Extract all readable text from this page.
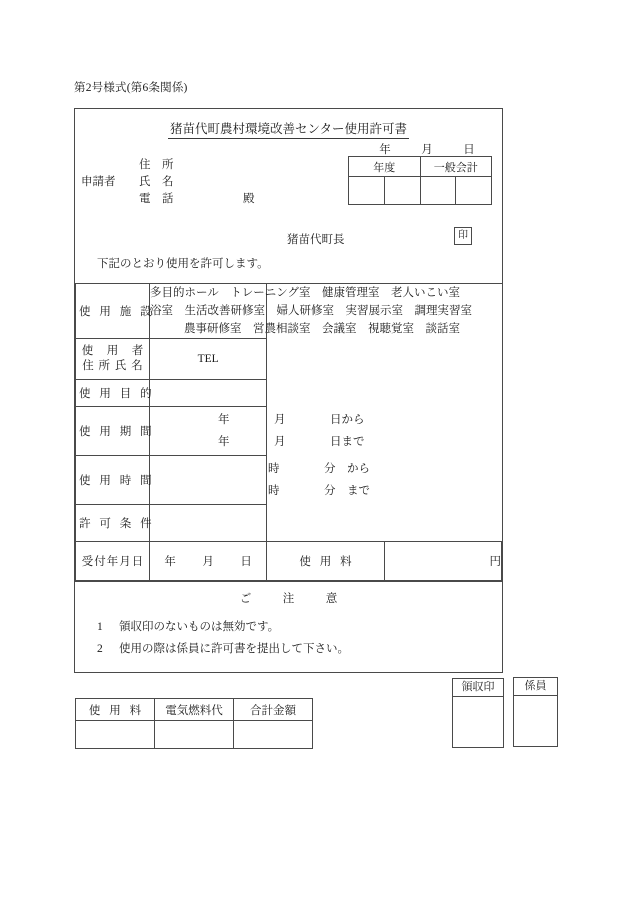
第2号様式(第6条関係)
猪苗代町農村環境改善センター使用許可書
年	月	日
年度		一般会計	

申請者
住　所
氏　名
電　話	殿
猪苗代町長	印
下記のとおり使用を許可します。
使 用 施 設	多目的ホール　トレーニング室　健康管理室　老人いこい室
浴室　生活改善研修室　婦人研修室　実習展示室　調理実習室
農事研修室　営農相談室　会議室　視聴覚室　談話室		

使　用　者
住 所 氏 名	TEL		
使 用 目 的			
使 用 期 間	年 月 日から
年 月 日まで		

使 用 時 間	時 分　から
時 分　まで		

許 可 条 件			
受付年月日	年 月 日	使 用 料	円
ご　注　意
1 領収印のないものは無効です。
2 使用の際は係員に許可書を提出して下さい。
使 用 料	電気燃料代	合計金額

領収印	係員
